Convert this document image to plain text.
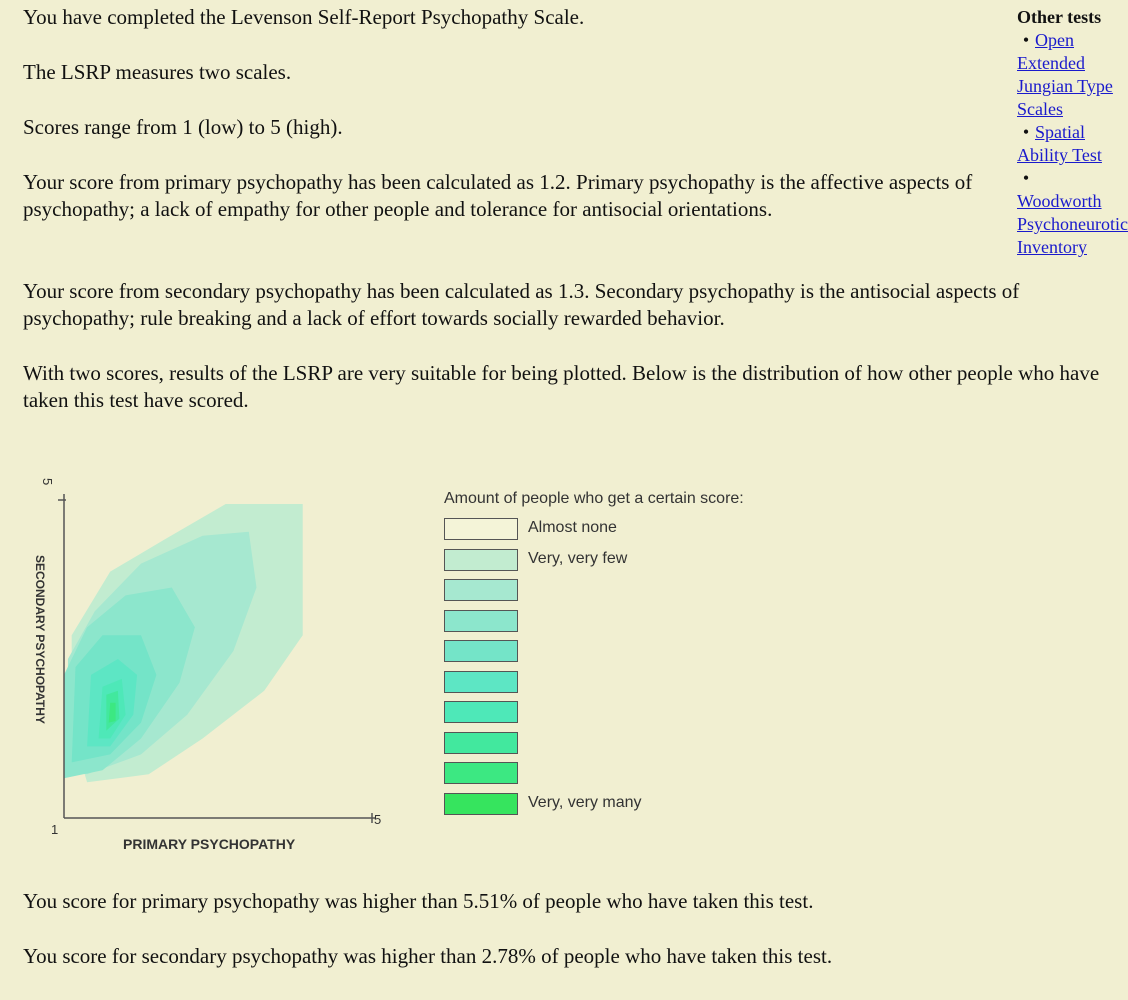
You have completed the Levenson Self-Report Psychopathy Scale.

The LSRP measures two scales.

Scores range from 1 (low) to 5 (high).

Your score from primary psychopathy has been calculated as 1.2. Primary psychopathy is the affective aspects of psychopathy; a lack of empathy for other people and tolerance for antisocial orientations.

Your score from secondary psychopathy has been calculated as 1.3. Secondary psychopathy is the antisocial aspects of psychopathy; rule breaking and a lack of effort towards socially rewarded behavior.

With two scores, results of the LSRP are very suitable for being plotted. Below is the distribution of how other people who have taken this test have scored.

You score for primary psychopathy was higher than 5.51% of people who have taken this test.

You score for secondary psychopathy was higher than 2.78% of people who have taken this test.

Other tests
• Open
Extended
Jungian Type
Scales
• Spatial
Ability Test
•Woodworth
Psychoneurotic
Inventory
5
5
1
SECONDARY PSYCHOPATHY
PRIMARY PSYCHOPATHY
Amount of people who get a certain score:
Almost none
Very, very few
Very, very many
